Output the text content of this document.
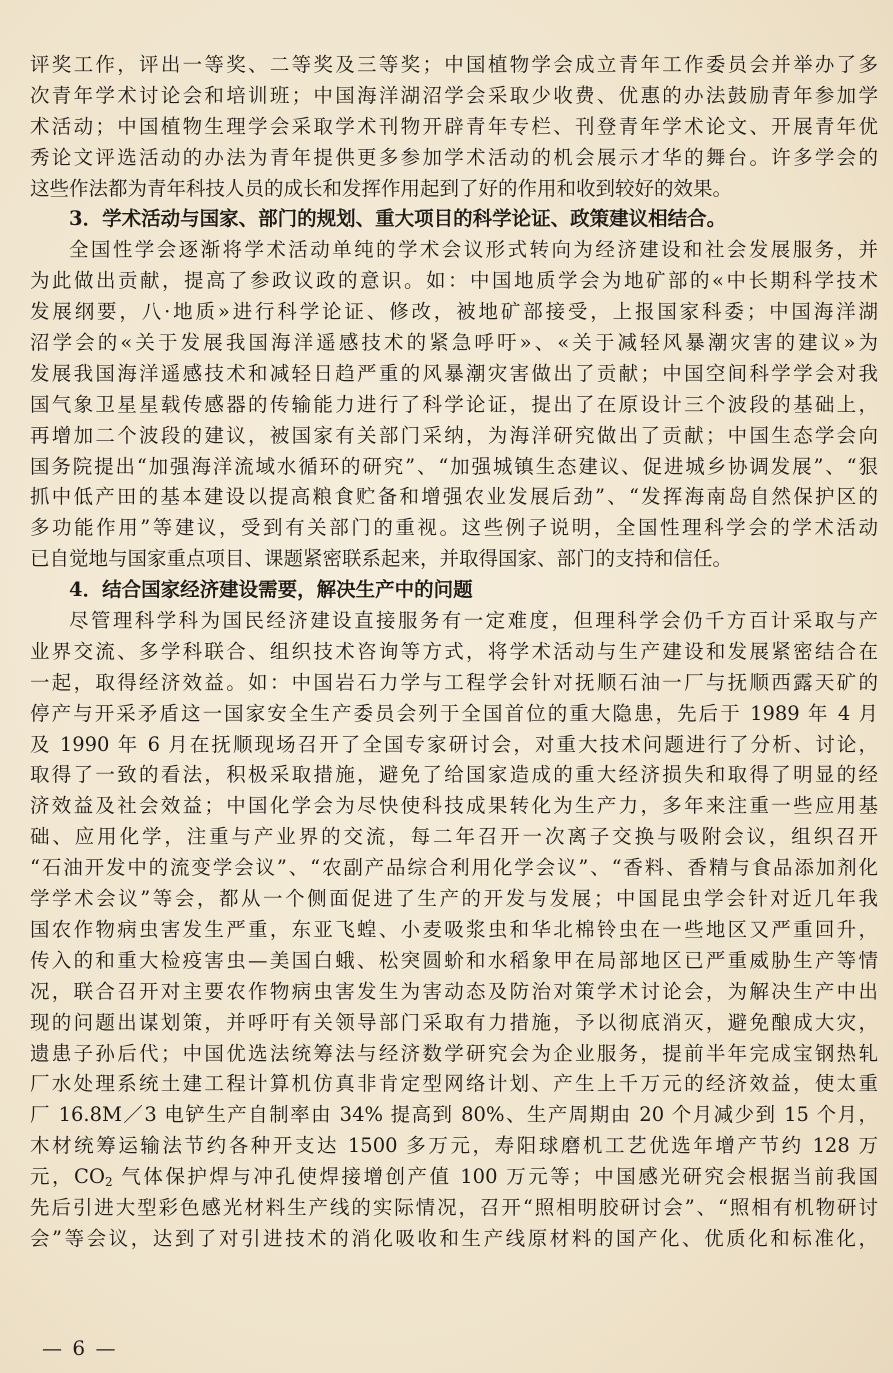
评奖工作，评出一等奖、二等奖及三等奖；中国植物学会成立青年工作委员会并举办了多
次青年学术讨论会和培训班；中国海洋湖沼学会采取少收费、优惠的办法鼓励青年参加学
术活动；中国植物生理学会采取学术刊物开辟青年专栏、刊登青年学术论文、开展青年优
秀论文评选活动的办法为青年提供更多参加学术活动的机会展示才华的舞台。许多学会的
这些作法都为青年科技人员的成长和发挥作用起到了好的作用和收到较好的效果。
3．学术活动与国家、部门的规划、重大项目的科学论证、政策建议相结合。
全国性学会逐渐将学术活动单纯的学术会议形式转向为经济建设和社会发展服务，并
为此做出贡献，提高了参政议政的意识。如：中国地质学会为地矿部的«中长期科学技术
发展纲要，八·地质»进行科学论证、修改，被地矿部接受，上报国家科委；中国海洋湖
沼学会的«关于发展我国海洋遥感技术的紧急呼吁»、«关于减轻风暴潮灾害的建议»为
发展我国海洋遥感技术和减轻日趋严重的风暴潮灾害做出了贡献；中国空间科学学会对我
国气象卫星星载传感器的传输能力进行了科学论证，提出了在原设计三个波段的基础上，
再增加二个波段的建议，被国家有关部门采纳，为海洋研究做出了贡献；中国生态学会向
国务院提出“加强海洋流域水循环的研究”、“加强城镇生态建议、促进城乡协调发展”、“狠
抓中低产田的基本建设以提高粮食贮备和增强农业发展后劲”、“发挥海南岛自然保护区的
多功能作用”等建议，受到有关部门的重视。这些例子说明，全国性理科学会的学术活动
已自觉地与国家重点项目、课题紧密联系起来，并取得国家、部门的支持和信任。
4．结合国家经济建设需要，解决生产中的问题
尽管理科学科为国民经济建设直接服务有一定难度，但理科学会仍千方百计采取与产
业界交流、多学科联合、组织技术咨询等方式，将学术活动与生产建设和发展紧密结合在
一起，取得经济效益。如：中国岩石力学与工程学会针对抚顺石油一厂与抚顺西露天矿的
停产与开采矛盾这一国家安全生产委员会列于全国首位的重大隐患，先后于 1989 年 4 月
及 1990 年 6 月在抚顺现场召开了全国专家研讨会，对重大技术问题进行了分析、讨论，
取得了一致的看法，积极采取措施，避免了给国家造成的重大经济损失和取得了明显的经
济效益及社会效益；中国化学会为尽快使科技成果转化为生产力，多年来注重一些应用基
础、应用化学，注重与产业界的交流，每二年召开一次离子交换与吸附会议，组织召开
“石油开发中的流变学会议”、“农副产品综合利用化学会议”、“香料、香精与食品添加剂化
学学术会议”等会，都从一个侧面促进了生产的开发与发展；中国昆虫学会针对近几年我
国农作物病虫害发生严重，东亚飞蝗、小麦吸浆虫和华北棉铃虫在一些地区又严重回升，
传入的和重大检疫害虫—美国白蛾、松突圆蚧和水稻象甲在局部地区已严重威胁生产等情
况，联合召开对主要农作物病虫害发生为害动态及防治对策学术讨论会，为解决生产中出
现的问题出谋划策，并呼吁有关领导部门采取有力措施，予以彻底消灭，避免酿成大灾，
遗患子孙后代；中国优选法统筹法与经济数学研究会为企业服务，提前半年完成宝钢热轧
厂水处理系统土建工程计算机仿真非肯定型网络计划、产生上千万元的经济效益，使太重
厂 16.8M／3 电铲生产自制率由 34% 提高到 80%、生产周期由 20 个月减少到 15 个月，
木材统筹运输法节约各种开支达 1500 多万元，寿阳球磨机工艺优选年增产节约 128 万
元，$CO_2$ 气体保护焊与冲孔使焊接增创产值 100 万元等；中国感光研究会根据当前我国
先后引进大型彩色感光材料生产线的实际情况，召开“照相明胶研讨会”、“照相有机物研讨
会”等会议，达到了对引进技术的消化吸收和生产线原材料的国产化、优质化和标准化，
— 6 —
